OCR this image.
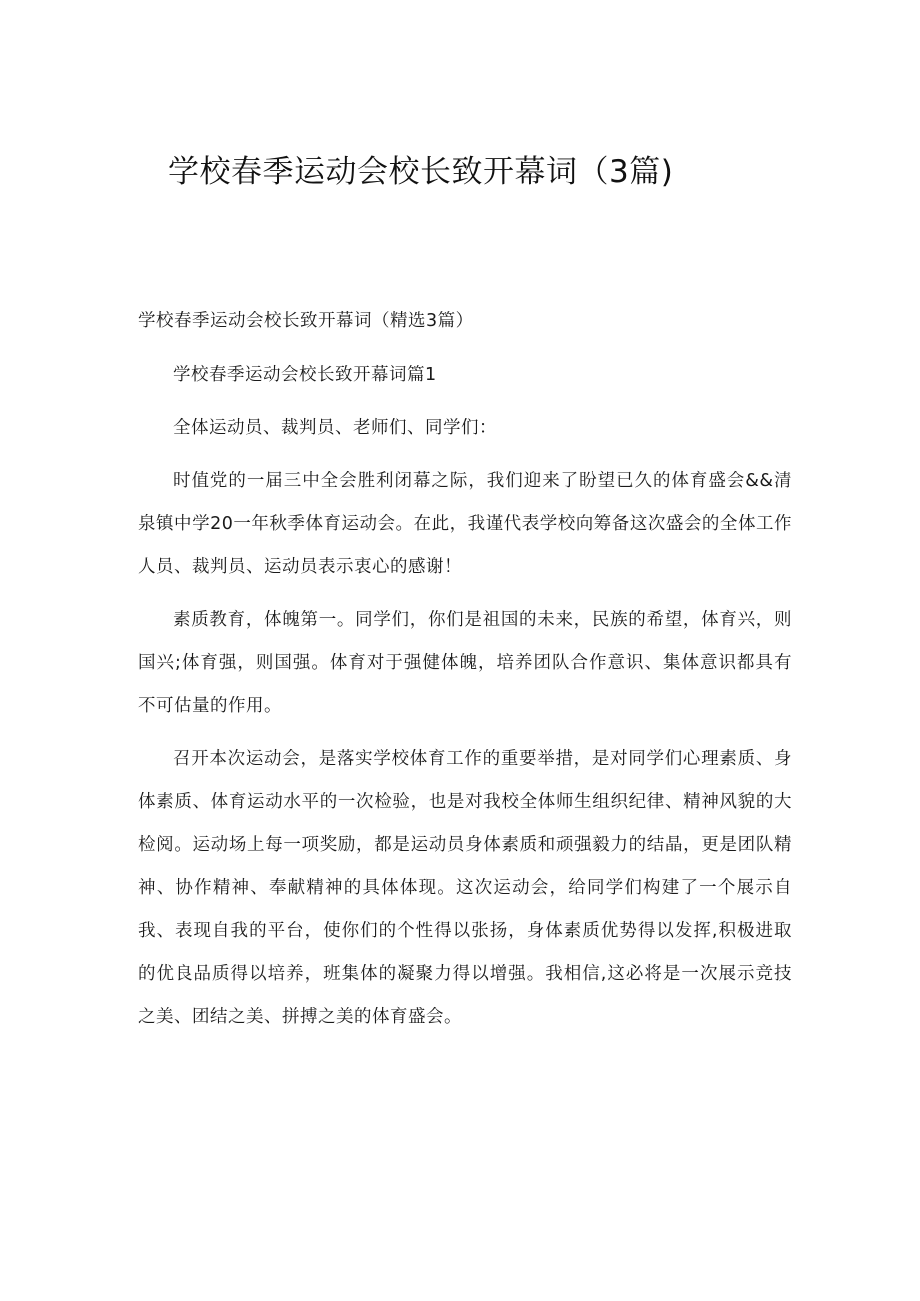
学校春季运动会校长致开幕词（3篇)

学校春季运动会校长致开幕词（精选3篇）

学校春季运动会校长致开幕词篇1

全体运动员、裁判员、老师们、同学们：

时值党的一届三中全会胜利闭幕之际，我们迎来了盼望已久的体育盛会&&清泉镇中学20一年秋季体育运动会。在此，我谨代表学校向筹备这次盛会的全体工作人员、裁判员、运动员表示衷心的感谢！

素质教育，体魄第一。同学们，你们是祖国的未来，民族的希望，体育兴，则国兴;体育强，则国强。体育对于强健体魄，培养团队合作意识、集体意识都具有不可估量的作用。

召开本次运动会，是落实学校体育工作的重要举措，是对同学们心理素质、身体素质、体育运动水平的一次检验，也是对我校全体师生组织纪律、精神风貌的大检阅。运动场上每一项奖励，都是运动员身体素质和顽强毅力的结晶，更是团队精神、协作精神、奉献精神的具体体现。这次运动会，给同学们构建了一个展示自我、表现自我的平台，使你们的个性得以张扬，身体素质优势得以发挥,积极进取的优良品质得以培养，班集体的凝聚力得以增强。我相信,这必将是一次展示竞技之美、团结之美、拼搏之美的体育盛会。
